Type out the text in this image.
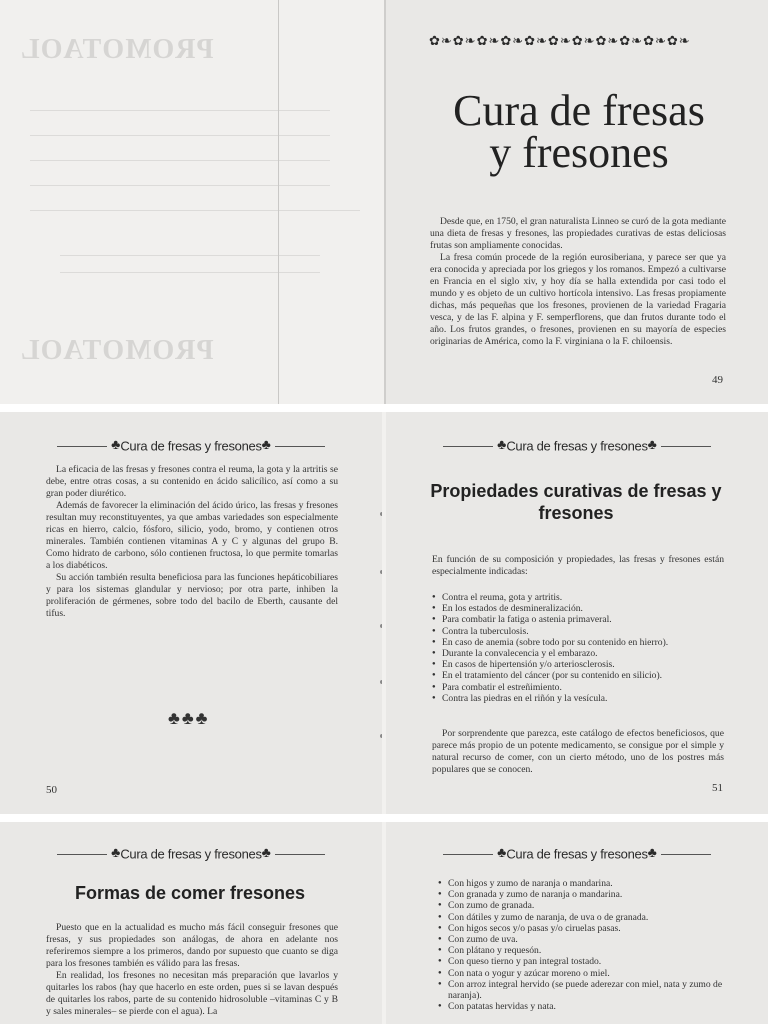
PROMOTAOL
PROMOTAOL
✿❧✿❧✿❧✿❧✿❧✿❧✿❧✿❧✿❧✿❧✿❧
Cura de fresas
y fresones

Desde que, en 1750, el gran naturalista Linneo se curó de la gota mediante una dieta de fresas y fresones, las propiedades curativas de estas deliciosas frutas son ampliamente conocidas.

La fresa común procede de la región eurosiberiana, y parece ser que ya era conocida y apreciada por los griegos y los romanos. Empezó a cultivarse en Francia en el siglo xiv, y hoy día se halla extendida por casi todo el mundo y es objeto de un cultivo hortícola intensivo. Las fresas propiamente dichas, más pequeñas que los fresones, provienen de la variedad Fragaria vesca, y de las F. alpina y F. semperflorens, que dan frutos durante todo el año. Los frutos grandes, o fresones, provienen en su mayoría de especies originarias de América, como la F. virginiana o la F. chiloensis.

49
♣Cura de fresas y fresones♣

La eficacia de las fresas y fresones contra el reuma, la gota y la artritis se debe, entre otras cosas, a su contenido en ácido salicílico, así como a su gran poder diurético.

Además de favorecer la eliminación del ácido úrico, las fresas y fresones resultan muy reconstituyentes, ya que ambas variedades son especialmente ricas en hierro, calcio, fósforo, silicio, yodo, bromo, y contienen otros minerales. También contienen vitaminas A y C y algunas del grupo B. Como hidrato de carbono, sólo contienen fructosa, lo que permite tomarlas a los diabéticos.

Su acción también resulta beneficiosa para las funciones hepáticobiliares y para los sistemas glandular y nervioso; por otra parte, inhiben la proliferación de gérmenes, sobre todo del bacilo de Eberth, causante del tifus.

♣♣♣
50
♣Cura de fresas y fresones♣
Propiedades curativas de fresas y fresones

En función de su composición y propiedades, las fresas y fresones están especialmente indicadas:

● Contra el reuma, gota y artritis.
● En los estados de desmineralización.
● Para combatir la fatiga o astenia primaveral.
● Contra la tuberculosis.
● En caso de anemia (sobre todo por su contenido en hierro).
● Durante la convalecencia y el embarazo.
● En casos de hipertensión y/o arteriosclerosis.
● En el tratamiento del cáncer (por su contenido en silicio).
● Para combatir el estreñimiento.
● Contra las piedras en el riñón y la vesícula.

Por sorprendente que parezca, este catálogo de efectos beneficiosos, que parece más propio de un potente medicamento, se consigue por el simple y natural recurso de comer, con un cierto método, uno de los postres más populares que se conocen.

51
♣Cura de fresas y fresones♣
Formas de comer fresones

Puesto que en la actualidad es mucho más fácil conseguir fresones que fresas, y sus propiedades son análogas, de ahora en adelante nos referiremos siempre a los primeros, dando por supuesto que cuanto se diga para los fresones también es válido para las fresas.

En realidad, los fresones no necesitan más preparación que lavarlos y quitarles los rabos (hay que hacerlo en este orden, pues si se lavan después de quitarles los rabos, parte de su contenido hidrosoluble –vitaminas C y B y sales minerales– se pierde con el agua). La

♣Cura de fresas y fresones♣
● Con higos y zumo de naranja o mandarina.
● Con granada y zumo de naranja o mandarina.
● Con zumo de granada.
● Con dátiles y zumo de naranja, de uva o de granada.
● Con higos secos y/o pasas y/o ciruelas pasas.
● Con zumo de uva.
● Con plátano y requesón.
● Con queso tierno y pan integral tostado.
● Con nata o yogur y azúcar moreno o miel.
● Con arroz integral hervido (se puede aderezar con miel, nata y zumo de naranja).
● Con patatas hervidas y nata.
